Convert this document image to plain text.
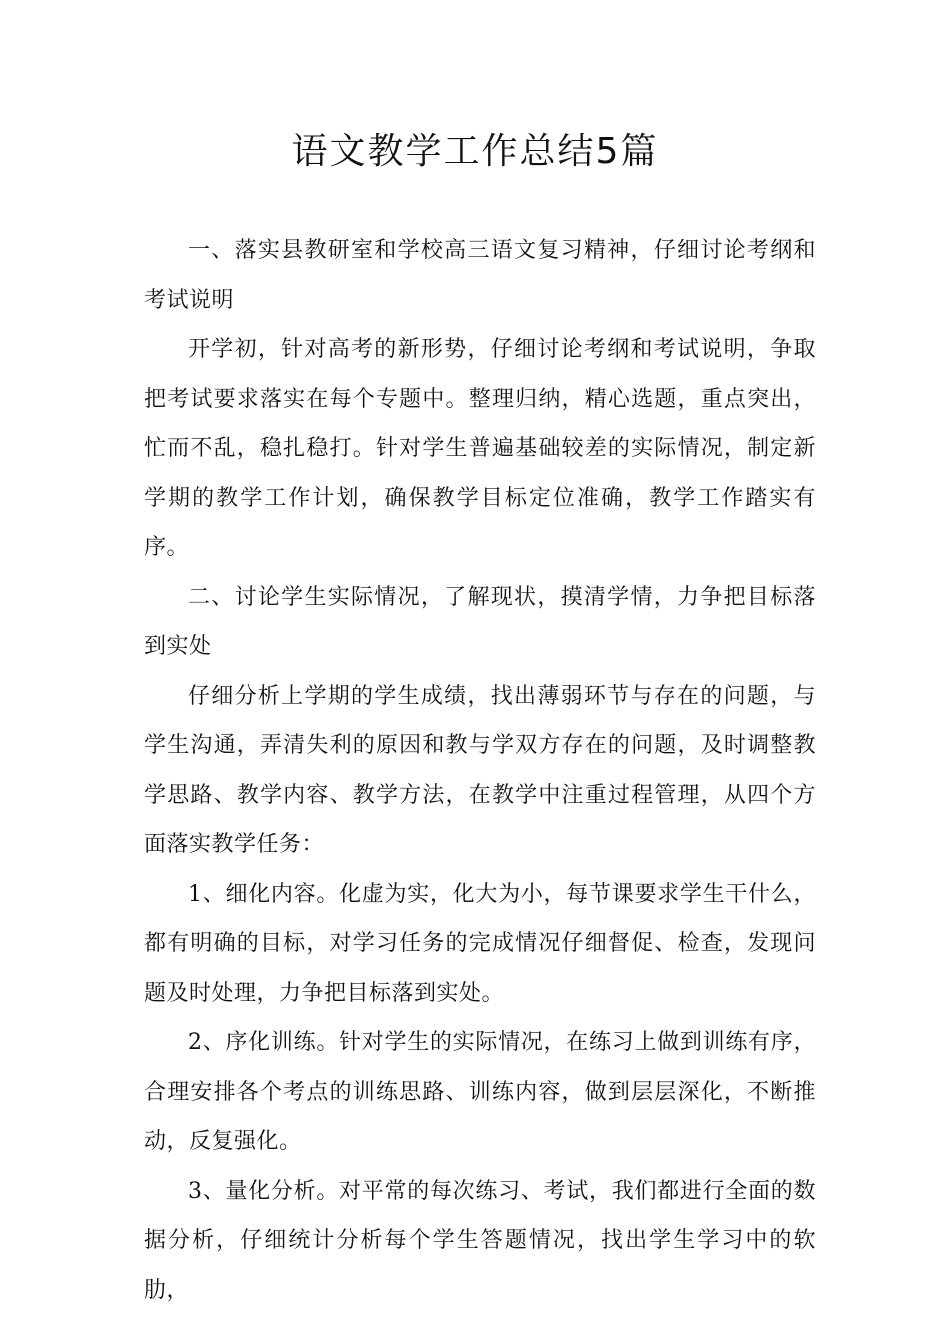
语文教学工作总结5篇

一、落实县教研室和学校高三语文复习精神，仔细讨论考纲和考试说明

开学初，针对高考的新形势，仔细讨论考纲和考试说明，争取把考试要求落实在每个专题中。整理归纳，精心选题，重点突出，忙而不乱，稳扎稳打。针对学生普遍基础较差的实际情况，制定新学期的教学工作计划，确保教学目标定位准确，教学工作踏实有序。

二、讨论学生实际情况，了解现状，摸清学情，力争把目标落到实处

仔细分析上学期的学生成绩，找出薄弱环节与存在的问题，与学生沟通，弄清失利的原因和教与学双方存在的问题，及时调整教学思路、教学内容、教学方法，在教学中注重过程管理，从四个方面落实教学任务：

1、细化内容。化虚为实，化大为小，每节课要求学生干什么，都有明确的目标，对学习任务的完成情况仔细督促、检查，发现问题及时处理，力争把目标落到实处。

2、序化训练。针对学生的实际情况，在练习上做到训练有序，合理安排各个考点的训练思路、训练内容，做到层层深化，不断推动，反复强化。

3、量化分析。对平常的每次练习、考试，我们都进行全面的数据分析，仔细统计分析每个学生答题情况，找出学生学习中的软肋，
